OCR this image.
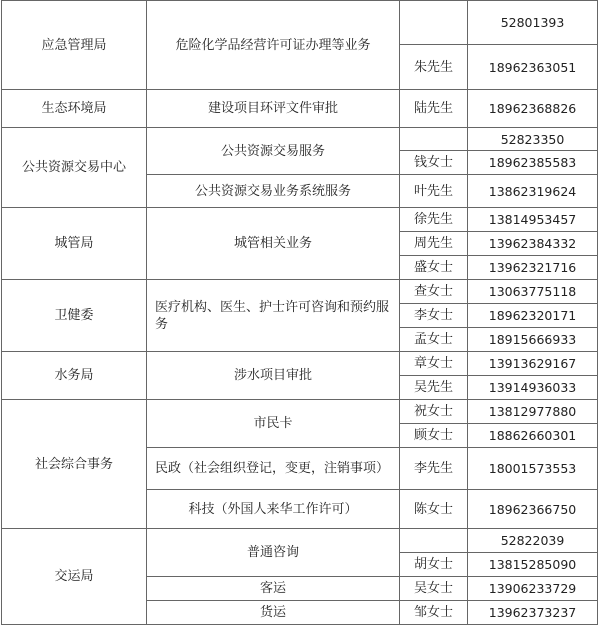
应急管理局	危险化学品经营许可证办理等业务		52801393
		朱先生	18962363051
生态环境局	建设项目环评文件审批	陆先生	18962368826
公共资源交易中心	公共资源交易服务		52823350
		钱女士	18962385583
	公共资源交易业务系统服务	叶先生	13862319624
城管局	城管相关业务	徐先生	13814953457
		周先生	13962384332
		盛女士	13962321716
卫健委	医疗机构、医生、护士许可咨询和预约服务	查女士	13063775118
		李女士	18962320171
		孟女士	18915666933
水务局	涉水项目审批	章女士	13913629167
		吴先生	13914936033
社会综合事务	市民卡	祝女士	13812977880
		顾女士	18862660301
	民政（社会组织登记，变更，注销事项）	李先生	18001573553
	科技（外国人来华工作许可）	陈女士	18962366750
交运局	普通咨询		52822039
		胡女士	13815285090
	客运	吴女士	13906233729
	货运	邹女士	13962373237
